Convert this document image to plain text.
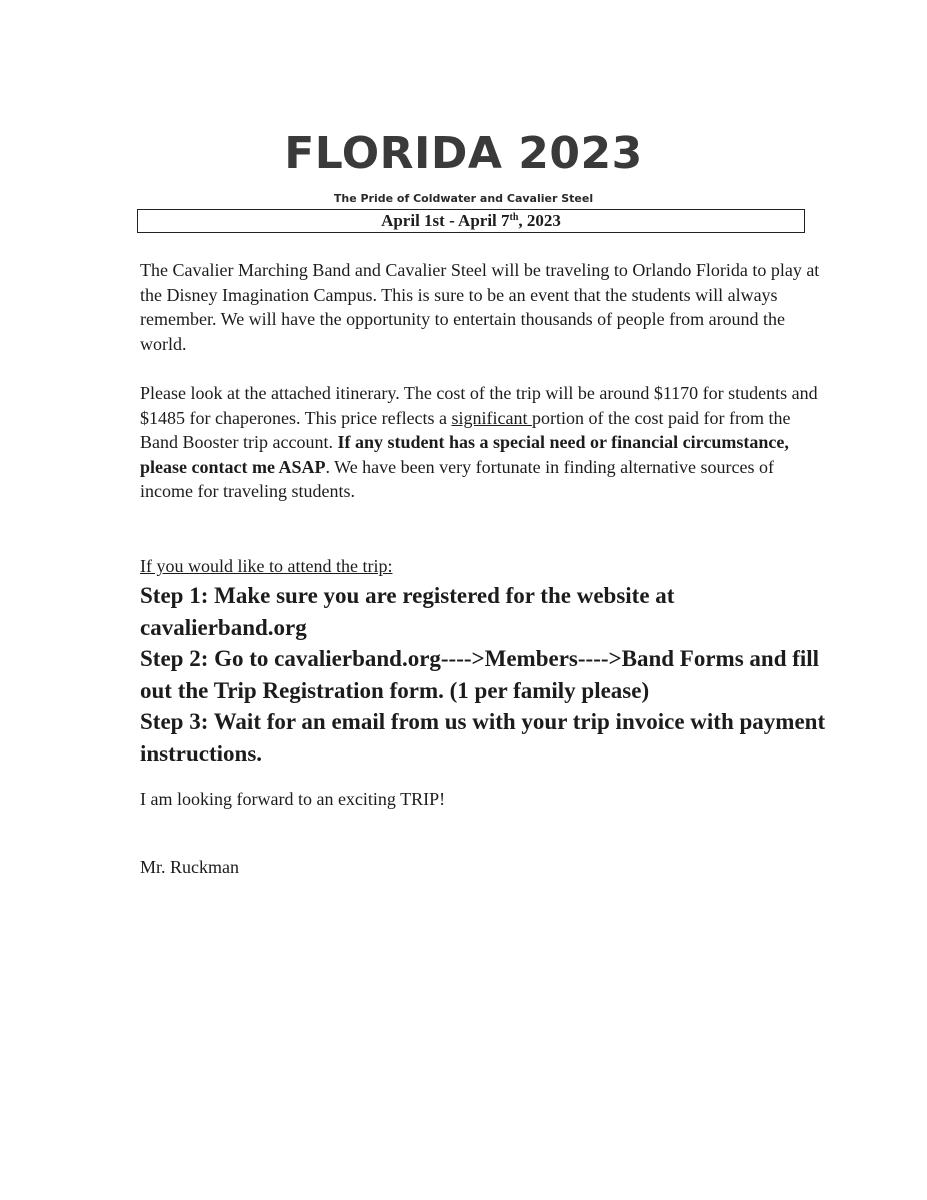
FLORIDA 2023
The Pride of Coldwater and Cavalier Steel
April 1st - April 7th, 2023
The Cavalier Marching Band and Cavalier Steel will be traveling to Orlando Florida to play at the Disney Imagination Campus. This is sure to be an event that the students will always remember. We will have the opportunity to entertain thousands of people from around the world.
Please look at the attached itinerary. The cost of the trip will be around $1170 for students and $1485 for chaperones. This price reflects a significant portion of the cost paid for from the Band Booster trip account. If any student has a special need or financial circumstance, please contact me ASAP. We have been very fortunate in finding alternative sources of income for traveling students.
If you would like to attend the trip:
Step 1: Make sure you are registered for the website at cavalierband.org
Step 2: Go to cavalierband.org---->Members---->Band Forms and fill out the Trip Registration form. (1 per family please)
Step 3: Wait for an email from us with your trip invoice with payment instructions.
I am looking forward to an exciting TRIP!
Mr. Ruckman
